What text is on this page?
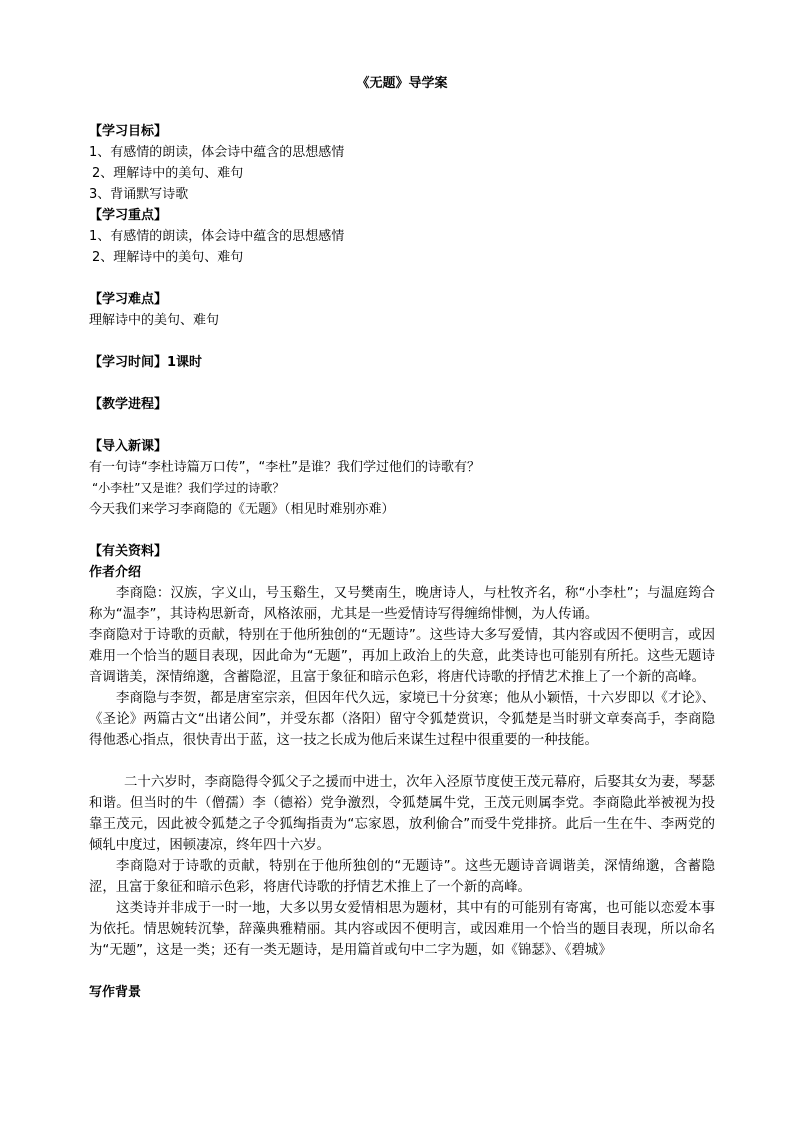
《无题》导学案
【学习目标】
1、有感情的朗读，体会诗中蕴含的思想感情
2、理解诗中的美句、难句
3、背诵默写诗歌
【学习重点】
1、有感情的朗读，体会诗中蕴含的思想感情
2、理解诗中的美句、难句
【学习难点】
理解诗中的美句、难句
【学习时间】1课时
【教学进程】
【导入新课】
有一句诗“李杜诗篇万口传”，“李杜”是谁？我们学过他们的诗歌有？
“小李杜”又是谁？我们学过的诗歌？
今天我们来学习李商隐的《无题》（相见时难别亦难）
【有关资料】
作者介绍

李商隐：汉族，字义山，号玉谿生，又号樊南生，晚唐诗人，与杜牧齐名，称“小李杜”；与温庭筠合称为“温李”，其诗构思新奇，风格浓丽，尤其是一些爱情诗写得缠绵悱恻，为人传诵。

李商隐对于诗歌的贡献，特别在于他所独创的“无题诗”。这些诗大多写爱情，其内容或因不便明言，或因难用一个恰当的题目表现，因此命为“无题”，再加上政治上的失意，此类诗也可能别有所托。这些无题诗音调谐美，深情绵邈，含蓄隐涩，且富于象征和暗示色彩，将唐代诗歌的抒情艺术推上了一个新的高峰。

李商隐与李贺，都是唐室宗亲，但因年代久远，家境已十分贫寒；他从小颖悟，十六岁即以《才论》、《圣论》两篇古文“出诸公间”，并受东都（洛阳）留守令狐楚赏识，令狐楚是当时骈文章奏高手，李商隐得他悉心指点，很快青出于蓝，这一技之长成为他后来谋生过程中很重要的一种技能。

二十六岁时，李商隐得令狐父子之援而中进士，次年入泾原节度使王茂元幕府，后娶其女为妻，琴瑟和谐。但当时的牛（僧孺）李（德裕）党争激烈，令狐楚属牛党，王茂元则属李党。李商隐此举被视为投靠王茂元，因此被令狐楚之子令狐绹指责为“忘家恩，放利偷合”而受牛党排挤。此后一生在牛、李两党的倾轧中度过，困顿凄凉，终年四十六岁。

李商隐对于诗歌的贡献，特别在于他所独创的“无题诗”。这些无题诗音调谐美，深情绵邈，含蓄隐涩，且富于象征和暗示色彩，将唐代诗歌的抒情艺术推上了一个新的高峰。

这类诗并非成于一时一地，大多以男女爱情相思为题材，其中有的可能别有寄寓，也可能以恋爱本事为依托。情思婉转沉挚，辞藻典雅精丽。其内容或因不便明言，或因难用一个恰当的题目表现，所以命名为“无题”，这是一类；还有一类无题诗，是用篇首或句中二字为题，如《锦瑟》、《碧城》

写作背景
